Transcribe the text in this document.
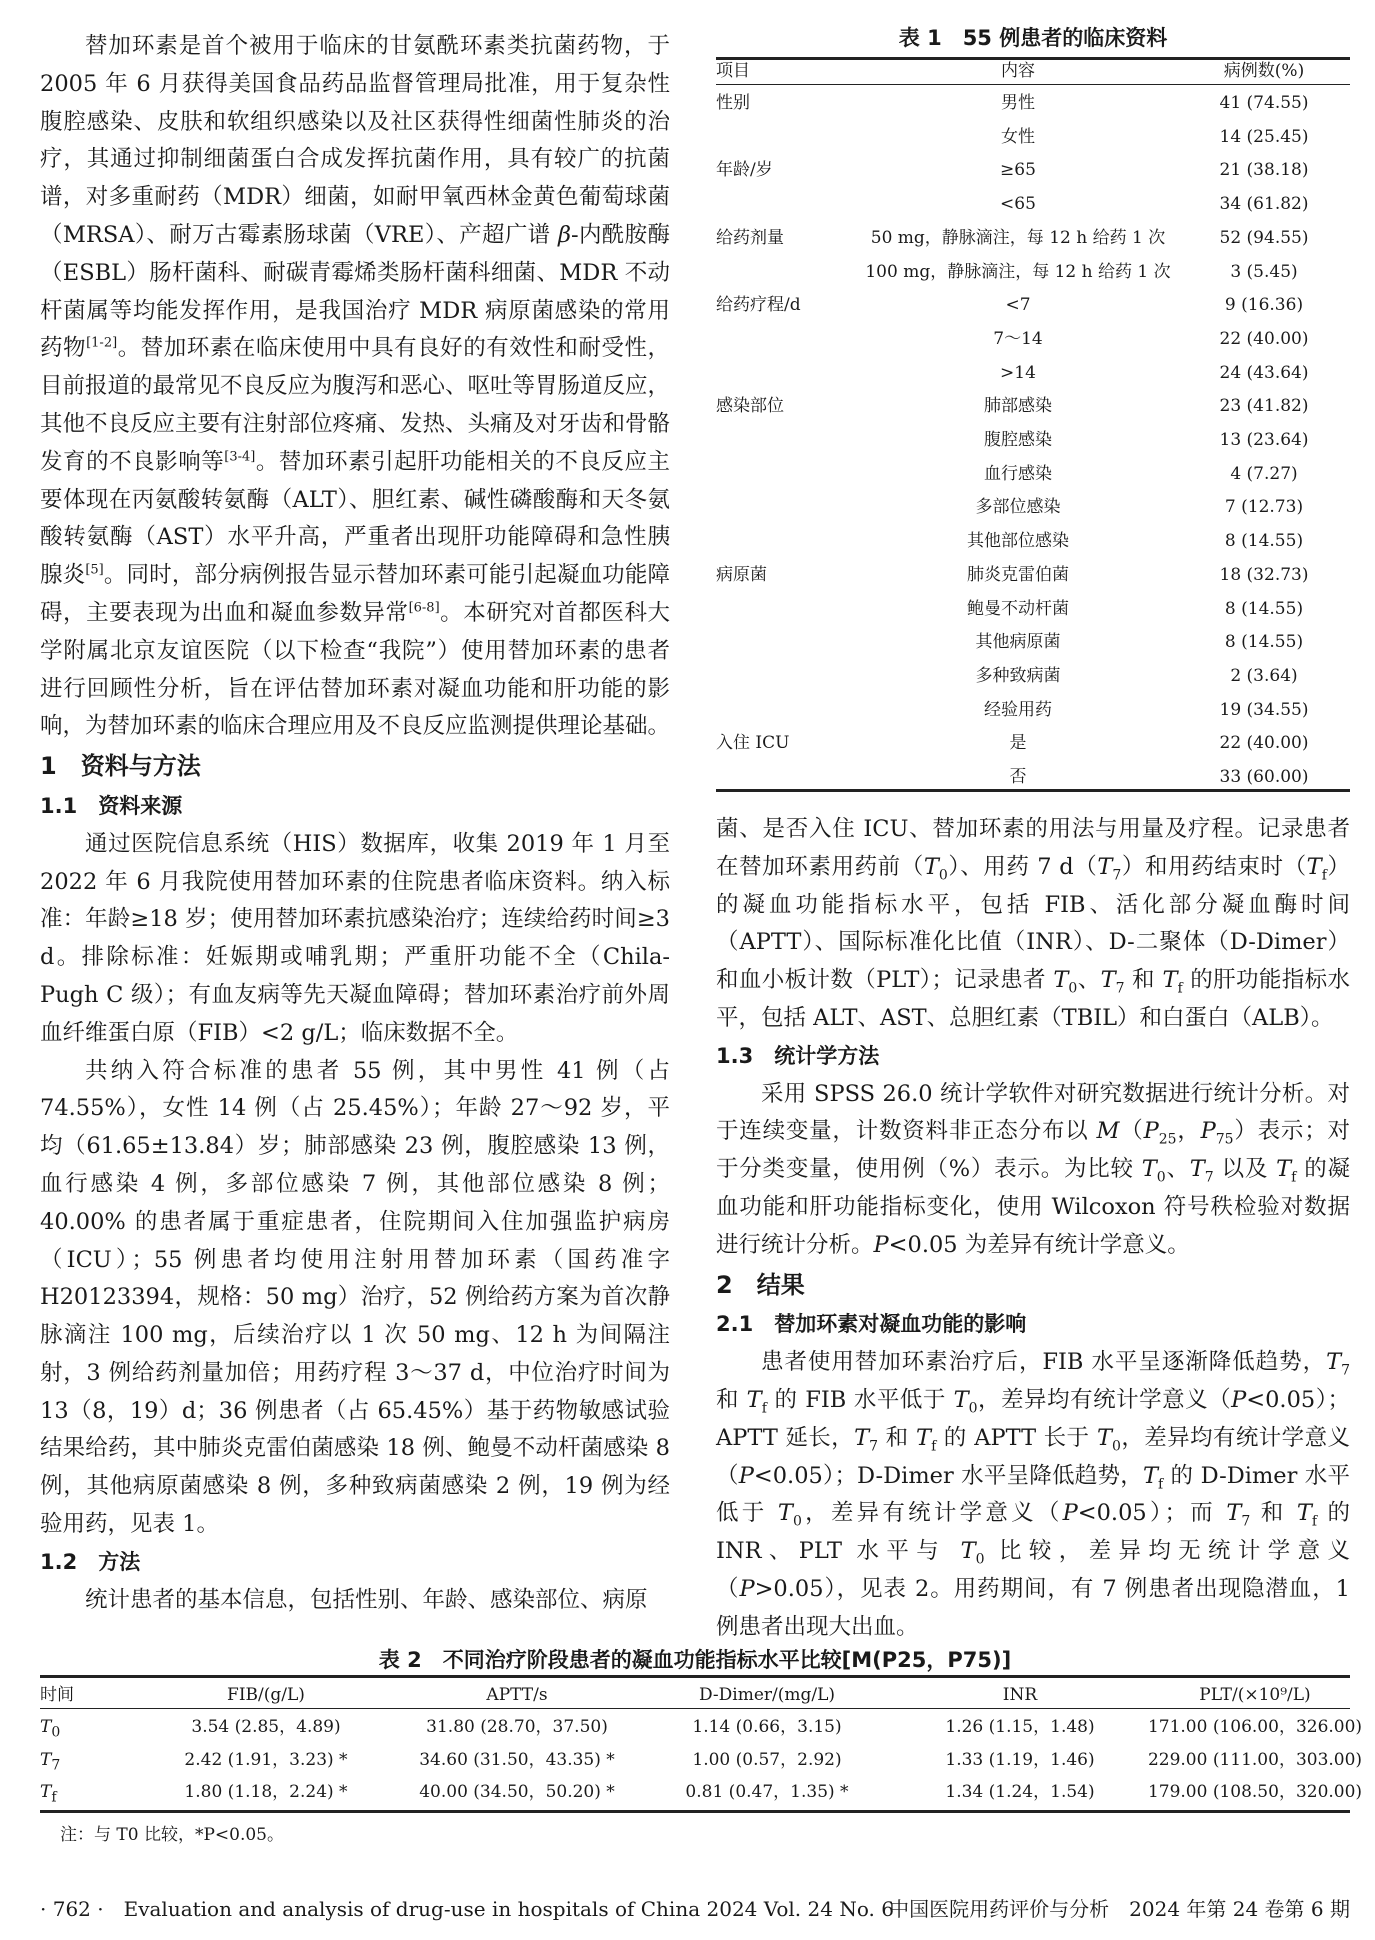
替加环素是首个被用于临床的甘氨酰环素类抗菌药物，于 2005 年 6 月获得美国食品药品监督管理局批准，用于复杂性腹腔感染、皮肤和软组织感染以及社区获得性细菌性肺炎的治疗，其通过抑制细菌蛋白合成发挥抗菌作用，具有较广的抗菌谱，对多重耐药（MDR）细菌，如耐甲氧西林金黄色葡萄球菌（MRSA）、耐万古霉素肠球菌（VRE）、产超广谱 β-内酰胺酶（ESBL）肠杆菌科、耐碳青霉烯类肠杆菌科细菌、MDR 不动杆菌属等均能发挥作用，是我国治疗 MDR 病原菌感染的常用药物[1-2]。替加环素在临床使用中具有良好的有效性和耐受性，目前报道的最常见不良反应为腹泻和恶心、呕吐等胃肠道反应，其他不良反应主要有注射部位疼痛、发热、头痛及对牙齿和骨骼发育的不良影响等[3-4]。替加环素引起肝功能相关的不良反应主要体现在丙氨酸转氨酶（ALT）、胆红素、碱性磷酸酶和天冬氨酸转氨酶（AST）水平升高，严重者出现肝功能障碍和急性胰腺炎[5]。同时，部分病例报告显示替加环素可能引起凝血功能障碍，主要表现为出血和凝血参数异常[6-8]。本研究对首都医科大学附属北京友谊医院（以下检查“我院”）使用替加环素的患者进行回顾性分析，旨在评估替加环素对凝血功能和肝功能的影响，为替加环素的临床合理应用及不良反应监测提供理论基础。

1　资料与方法
1.1　资料来源

通过医院信息系统（HIS）数据库，收集 2019 年 1 月至 2022 年 6 月我院使用替加环素的住院患者临床资料。纳入标准：年龄≥18 岁；使用替加环素抗感染治疗；连续给药时间≥3 d。排除标准：妊娠期或哺乳期；严重肝功能不全（Chila-Pugh C 级）；有血友病等先天凝血障碍；替加环素治疗前外周血纤维蛋白原（FIB）<2 g/L；临床数据不全。

共纳入符合标准的患者 55 例，其中男性 41 例（占 74.55%），女性 14 例（占 25.45%）；年龄 27～92 岁，平均（61.65±13.84）岁；肺部感染 23 例，腹腔感染 13 例，血行感染 4 例，多部位感染 7 例，其他部位感染 8 例；40.00% 的患者属于重症患者，住院期间入住加强监护病房（ICU）；55 例患者均使用注射用替加环素（国药准字 H20123394，规格：50 mg）治疗，52 例给药方案为首次静脉滴注 100 mg，后续治疗以 1 次 50 mg、12 h 为间隔注射，3 例给药剂量加倍；用药疗程 3～37 d，中位治疗时间为 13（8，19）d；36 例患者（占 65.45%）基于药物敏感试验结果给药，其中肺炎克雷伯菌感染 18 例、鲍曼不动杆菌感染 8 例，其他病原菌感染 8 例，多种致病菌感染 2 例，19 例为经验用药，见表 1。

1.2　方法

统计患者的基本信息，包括性别、年龄、感染部位、病原

菌、是否入住 ICU、替加环素的用法与用量及疗程。记录患者在替加环素用药前$(T_0)$、用药 7 $d(T_7)$和用药结束时$(T_f)$的凝血功能指标水平，包括 FIB、活化部分凝血酶时间（APTT）、国际标准化比值（INR）、D-二聚体（D-Dimer）和血小板计数（PLT）；记录患者 $T_0$、$T_7$ 和 $T_f$ 的肝功能指标水平，包括 ALT、AST、总胆红素（TBIL）和白蛋白（ALB）。

1.3　统计学方法

采用 SPSS 26.0 统计学软件对研究数据进行统计分析。对于连续变量，计数资料非正态分布以 $M(P_{25}$，$P_{75}$）表示；对于分类变量，使用例（%）表示。为比较 $T_0$、$T_7$ 以及 $T_f$ 的凝血功能和肝功能指标变化，使用 Wilcoxon 符号秩检验对数据进行统计分析。P<0.05 为差异有统计学意义。

2　结果
2.1　替加环素对凝血功能的影响

患者使用替加环素治疗后，FIB 水平呈逐渐降低趋势，$T_7$ 和 $T_f$ 的 FIB 水平低于 $T_0$，差异均有统计学意义（P<0.05）；APTT 延长，$T_7$ 和 $T_f$ 的 APTT 长于 $T_0$，差异均有统计学意义（P<0.05）；D-Dimer 水平呈降低趋势，$T_f$ 的 D-Dimer 水平低于 $T_0$，差异有统计学意义（P<0.05）；而 $T_7$ 和 $T_f$ 的 INR、PLT 水平与 $T_0$ 比较，差异均无统计学意义（P>0.05），见表 2。用药期间，有 7 例患者出现隐潜血，1 例患者出现大出血。

表 1　55 例患者的临床资料
项目	内容	病例数(%)
性别	男性	41 (74.55)
女性	14 (25.45)
年龄/岁	≥65	21 (38.18)
<65	34 (61.82)
给药剂量	50 mg，静脉滴注，每 12 h 给药 1 次	52 (94.55)
100 mg，静脉滴注，每 12 h 给药 1 次	3 (5.45)
给药疗程/d	<7	9 (16.36)
7～14	22 (40.00)
>14	24 (43.64)
感染部位	肺部感染	23 (41.82)
腹腔感染	13 (23.64)
血行感染	4 (7.27)
多部位感染	7 (12.73)
其他部位感染	8 (14.55)
病原菌	肺炎克雷伯菌	18 (32.73)
鲍曼不动杆菌	8 (14.55)
其他病原菌	8 (14.55)
多种致病菌	2 (3.64)
经验用药	19 (34.55)
入住 ICU	是	22 (40.00)
否	33 (60.00)
表 2　不同治疗阶段患者的凝血功能指标水平比较[M(P25，P75)]
时间	FIB/(g/L)	APTT/s	D-Dimer/(mg/L)	INR	PLT/(×10⁹/L)
$T_0$	3.54 (2.85，4.89)	31.80 (28.70，37.50)	1.14 (0.66，3.15)	1.26 (1.15，1.48)	171.00 (106.00，326.00)
$T_7$	2.42 (1.91，3.23) *	34.60 (31.50，43.35) *	1.00 (0.57，2.92)	1.33 (1.19，1.46)	229.00 (111.00，303.00)
$T_f$	1.80 (1.18，2.24) *	40.00 (34.50，50.20) *	0.81 (0.47，1.35) *	1.34 (1.24，1.54)	179.00 (108.50，320.00)
注：与 T0 比较，*P<0.05。
· 762 ·　Evaluation and analysis of drug-use in hospitals of China 2024 Vol. 24 No. 6
中国医院用药评价与分析　2024 年第 24 卷第 6 期
